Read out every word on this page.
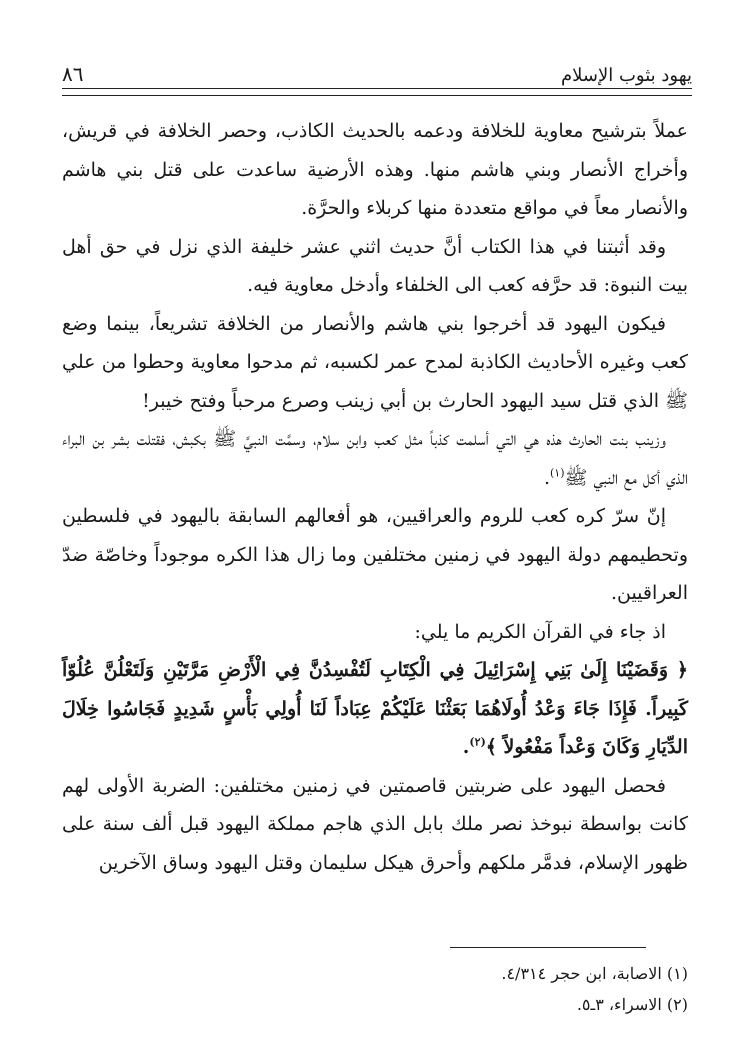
٨٦	يهود بثوب الإسلام

عملاً بترشيح معاوية للخلافة ودعمه بالحديث الكاذب، وحصر الخلافة في قريش، وأخراج الأنصار وبني هاشم منها. وهذه الأرضية ساعدت على قتل بني هاشم والأنصار معاً في مواقع متعددة منها كربلاء والحرَّة.

وقد أثبتنا في هذا الكتاب أنَّ حديث اثني عشر خليفة الذي نزل في حق أهل بيت النبوة: قد حرَّفه كعب الى الخلفاء وأدخل معاوية فيه.

فيكون اليهود قد أخرجوا بني هاشم والأنصار من الخلافة تشريعاً، بينما وضع كعب وغيره الأحاديث الكاذبة لمدح عمر لكسبه، ثم مدحوا معاوية وحطوا من علي ﷺ الذي قتل سيد اليهود الحارث بن أبي زينب وصرع مرحباً وفتح خيبر!

وزينب بنت الحارث هذه هي التي أسلمت كذباً مثل كعب وابن سلام، وسمَّت النبيَّ ﷺ بكبش، فقتلت بشر بن البراء الذي أكل مع النبي ﷺ$^{(١)}$.

إنّ سرّ كره كعب للروم والعراقيين، هو أفعالهم السابقة باليهود في فلسطين وتحطيمهم دولة اليهود في زمنين مختلفين وما زال هذا الكره موجوداً وخاصّة ضدّ العراقيين.

اذ جاء في القرآن الكريم ما يلي:

﴿ وَقَضَيْنَا إِلَىٰ بَنِي إِسْرَائِيلَ فِي الْكِتَابِ لَتُفْسِدُنَّ فِي الْأَرْضِ مَرَّتَيْنِ وَلَتَعْلُنَّ عُلُوّاً كَبِيراً. فَإِذَا جَاءَ وَعْدُ أُولَاهُمَا بَعَثْنَا عَلَيْكُمْ عِبَاداً لَنَا أُولِي بَأْسٍ شَدِيدٍ فَجَاسُوا خِلَالَ الدِّيَارِ وَكَانَ وَعْداً مَفْعُولاً ﴾$^{(٢)}$.

فحصل اليهود على ضربتين قاصمتين في زمنين مختلفين: الضربة الأولى لهم كانت بواسطة نبوخذ نصر ملك بابل الذي هاجم مملكة اليهود قبل ألف سنة على ظهور الإسلام، فدمَّر ملكهم وأحرق هيكل سليمان وقتل اليهود وساق الآخرين

(١) الاصابة، ابن حجر ٤/٣١٤.

(٢) الاسراء، ٣ـ٥.
